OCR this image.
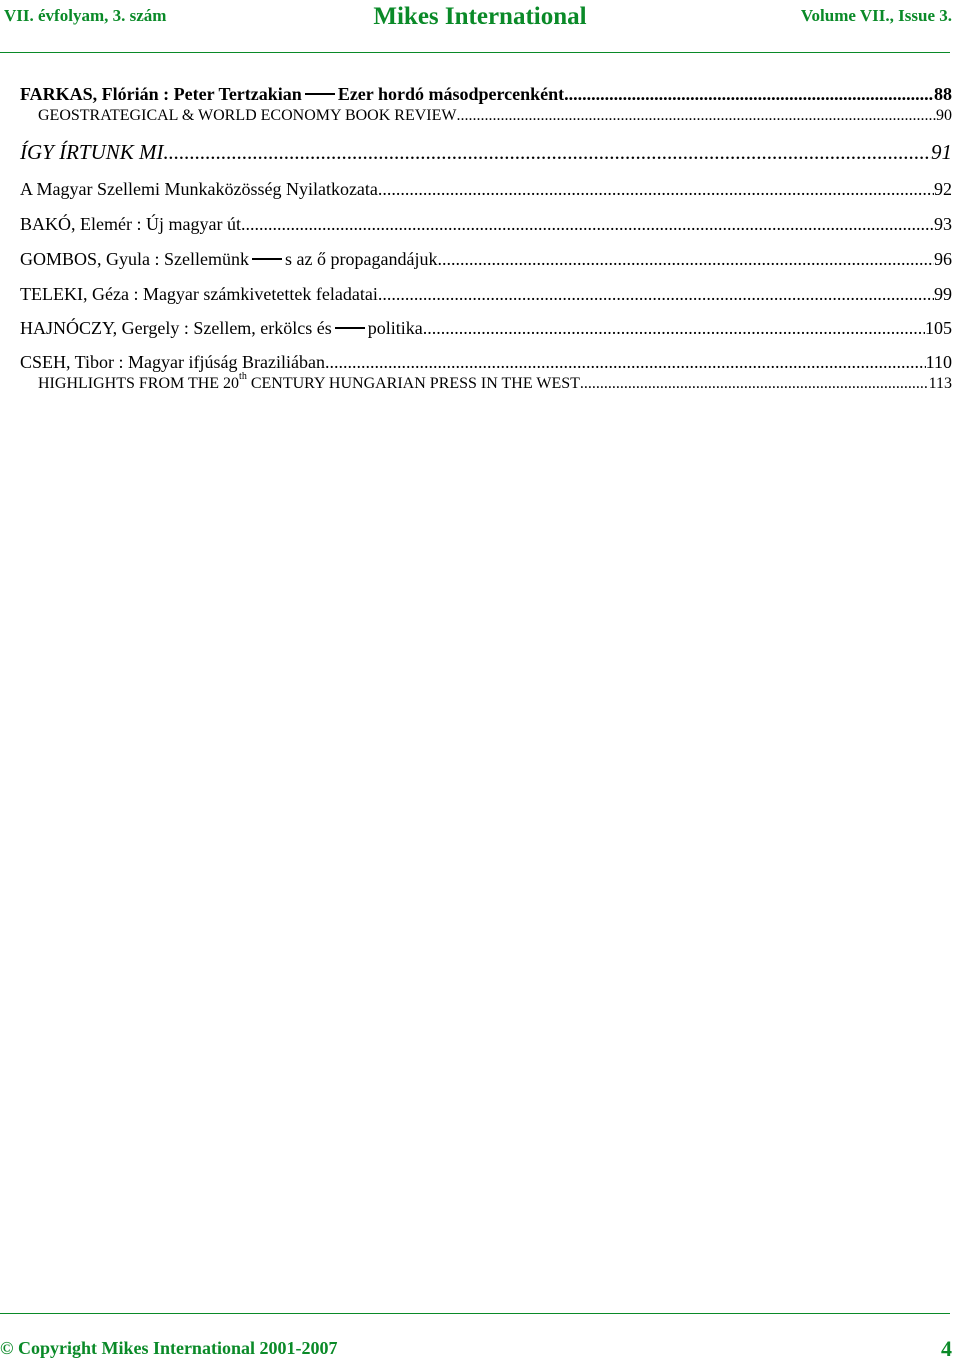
VII. évfolyam, 3. szám	Mikes International	Volume VII., Issue 3.
FARKAS, Flórián : Peter Tertzakian Ezer hordó másodpercenként .....	88
GEOSTRATEGICAL & WORLD ECONOMY BOOK REVIEW .....	90
ÍGY ÍRTUNK MI. .....	91
A Magyar Szellemi Munkaközösség Nyilatkozata .....	92
BAKÓ, Elemér : Új magyar út .....	93
GOMBOS, Gyula : Szellemünk s az ő propagandájuk .....	96
TELEKI, Géza : Magyar számkivetettek feladatai .....	99
HAJNÓCZY, Gergely : Szellem, erkölcs és politika .....	105
CSEH, Tibor : Magyar ifjúság Braziliában .....	110
HIGHLIGHTS FROM THE 20th CENTURY HUNGARIAN PRESS IN THE WEST .....	113
© Copyright Mikes International 2001-2007	4
